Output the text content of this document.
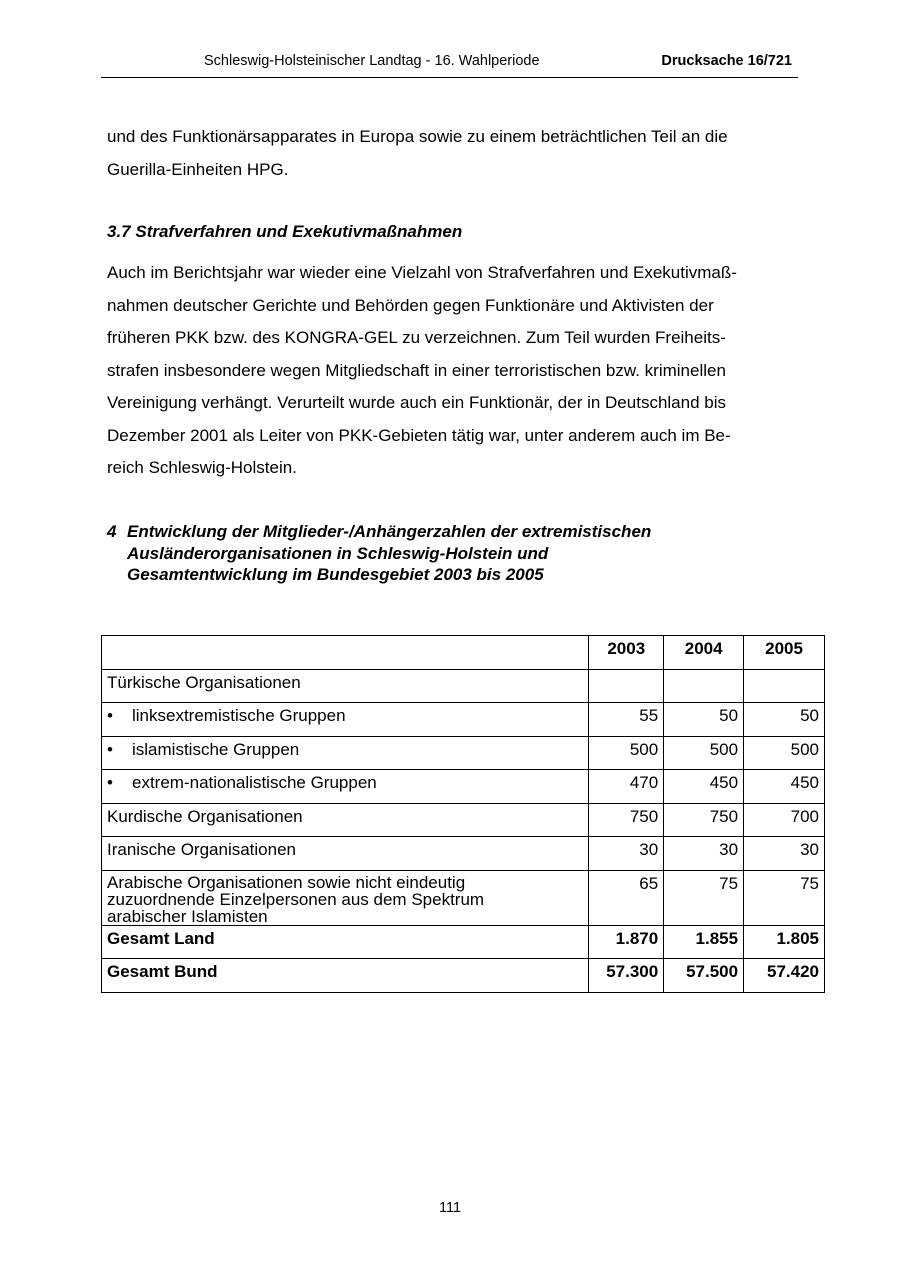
Schleswig-Holsteinischer Landtag - 16. Wahlperiode	Drucksache 16/721
und des Funktionärsapparates in Europa sowie zu einem beträchtlichen Teil an die
Guerilla-Einheiten HPG.
3.7 Strafverfahren und Exekutivmaßnahmen
Auch im Berichtsjahr war wieder eine Vielzahl von Strafverfahren und Exekutivmaß-
nahmen deutscher Gerichte und Behörden gegen Funktionäre und Aktivisten der
früheren PKK bzw. des KONGRA-GEL zu verzeichnen. Zum Teil wurden Freiheits-
strafen insbesondere wegen Mitgliedschaft in einer terroristischen bzw. kriminellen
Vereinigung verhängt. Verurteilt wurde auch ein Funktionär, der in Deutschland bis
Dezember 2001 als Leiter von PKK-Gebieten tätig war, unter anderem auch im Be-
reich Schleswig-Holstein.
4 Entwicklung der Mitglieder-/Anhängerzahlen der extremistischen
Ausländerorganisationen in Schleswig-Holstein und
Gesamtentwicklung im Bundesgebiet 2003 bis 2005
	2003	2004	2005
Türkische Organisationen			
• linksextremistische Gruppen	55	50	50
• islamistische Gruppen	500	500	500
• extrem-nationalistische Gruppen	470	450	450
Kurdische Organisationen	750	750	700
Iranische Organisationen	30	30	30

Arabische Organisationen sowie nicht eindeutig
zuzuordnende Einzelpersonen aus dem Spektrum
arabischer Islamisten	65	75	75
Gesamt Land	1.870	1.855	1.805
Gesamt Bund	57.300	57.500	57.420
111
